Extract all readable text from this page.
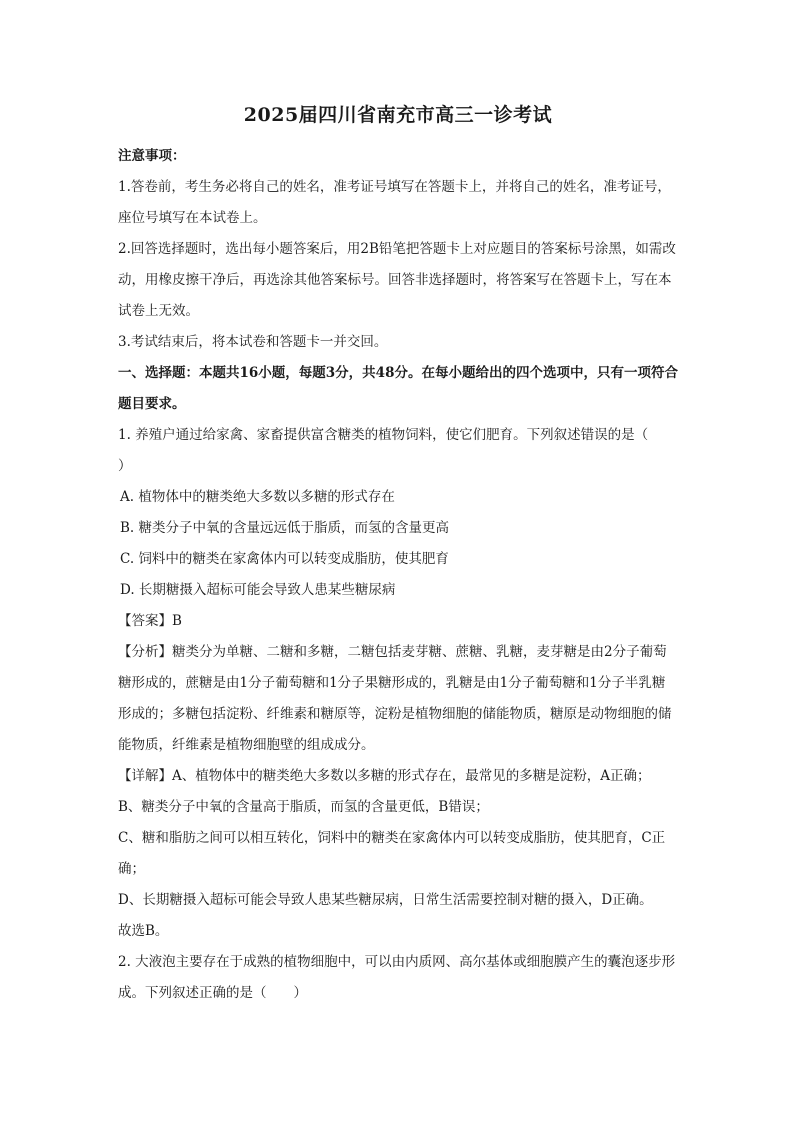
2025届四川省南充市高三一诊考试

注意事项：

1.答卷前，考生务必将自己的姓名，准考证号填写在答题卡上，并将自己的姓名，准考证号，座位号填写在本试卷上。

2.回答选择题时，选出每小题答案后，用2B铅笔把答题卡上对应题目的答案标号涂黑，如需改动，用橡皮擦干净后，再选涂其他答案标号。回答非选择题时，将答案写在答题卡上，写在本试卷上无效。

3.考试结束后，将本试卷和答题卡一并交回。

一、选择题：本题共16小题，每题3分，共48分。在每小题给出的四个选项中，只有一项符合题目要求。

1. 养殖户通过给家禽、家畜提供富含糖类的植物饲料，使它们肥育。下列叙述错误的是（　　）

A. 植物体中的糖类绝大多数以多糖的形式存在

B. 糖类分子中氧的含量远远低于脂质，而氢的含量更高

C. 饲料中的糖类在家禽体内可以转变成脂肪，使其肥育

D. 长期糖摄入超标可能会导致人患某些糖尿病

【答案】B

【分析】糖类分为单糖、二糖和多糖，二糖包括麦芽糖、蔗糖、乳糖，麦芽糖是由2分子葡萄糖形成的，蔗糖是由1分子葡萄糖和1分子果糖形成的，乳糖是由1分子葡萄糖和1分子半乳糖形成的；多糖包括淀粉、纤维素和糖原等，淀粉是植物细胞的储能物质，糖原是动物细胞的储能物质，纤维素是植物细胞壁的组成成分。

【详解】A、植物体中的糖类绝大多数以多糖的形式存在，最常见的多糖是淀粉，A正确；

B、糖类分子中氧的含量高于脂质，而氢的含量更低，B错误；

C、糖和脂肪之间可以相互转化，饲料中的糖类在家禽体内可以转变成脂肪，使其肥育，C正确；

D、长期糖摄入超标可能会导致人患某些糖尿病，日常生活需要控制对糖的摄入，D正确。

故选B。

2. 大液泡主要存在于成熟的植物细胞中，可以由内质网、高尔基体或细胞膜产生的囊泡逐步形成。下列叙述正确的是（　　）
